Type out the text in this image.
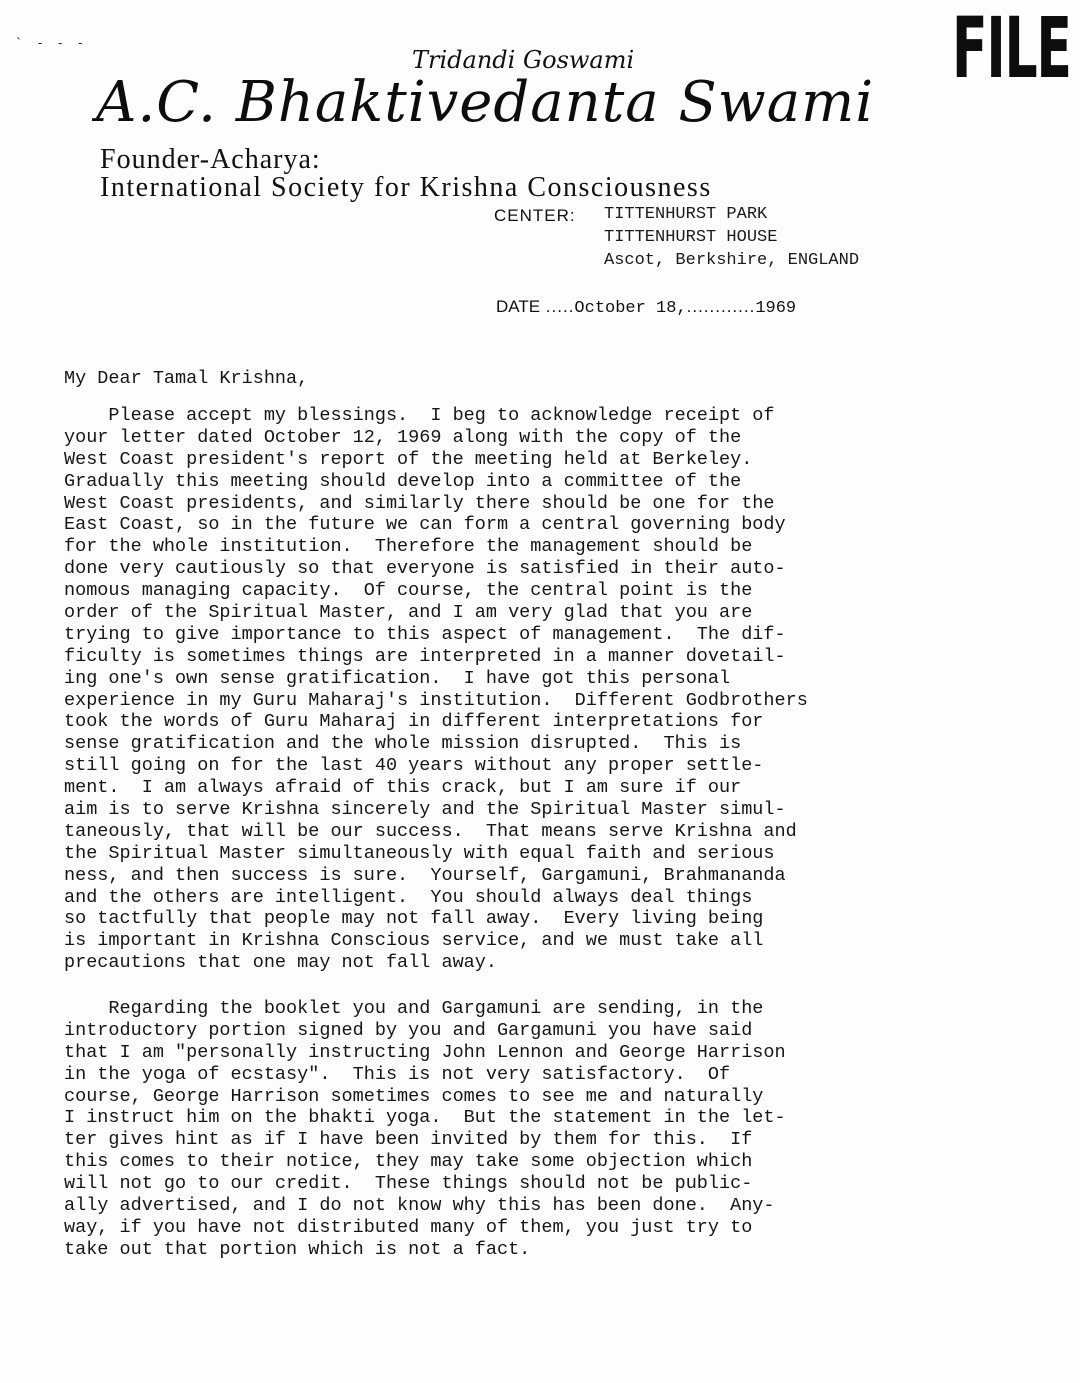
` - - -	FILE
Tridandi Goswami
A.C. Bhaktivedanta Swami
Founder-Acharya:
International Society for Krishna Consciousness
CENTER: TITTENHURST PARK
TITTENHURST HOUSE
Ascot, Berkshire, ENGLAND
DATE .....October 18,............1969
My Dear Tamal Krishna,
Please accept my blessings.  I beg to acknowledge receipt of
your letter dated October 12, 1969 along with the copy of the
West Coast president's report of the meeting held at Berkeley.
Gradually this meeting should develop into a committee of the
West Coast presidents, and similarly there should be one for the
East Coast, so in the future we can form a central governing body
for the whole institution.  Therefore the management should be
done very cautiously so that everyone is satisfied in their auto-
nomous managing capacity.  Of course, the central point is the
order of the Spiritual Master, and I am very glad that you are
trying to give importance to this aspect of management.  The dif-
ficulty is sometimes things are interpreted in a manner dovetail-
ing one's own sense gratification.  I have got this personal
experience in my Guru Maharaj's institution.  Different Godbrothers
took the words of Guru Maharaj in different interpretations for
sense gratification and the whole mission disrupted.  This is
still going on for the last 40 years without any proper settle-
ment.  I am always afraid of this crack, but I am sure if our
aim is to serve Krishna sincerely and the Spiritual Master simul-
taneously, that will be our success.  That means serve Krishna and
the Spiritual Master simultaneously with equal faith and serious
ness, and then success is sure.  Yourself, Gargamuni, Brahmananda
and the others are intelligent.  You should always deal things
so tactfully that people may not fall away.  Every living being
is important in Krishna Conscious service, and we must take all
precautions that one may not fall away.
Regarding the booklet you and Gargamuni are sending, in the
introductory portion signed by you and Gargamuni you have said
that I am "personally instructing John Lennon and George Harrison
in the yoga of ecstasy".  This is not very satisfactory.  Of
course, George Harrison sometimes comes to see me and naturally
I instruct him on the bhakti yoga.  But the statement in the let-
ter gives hint as if I have been invited by them for this.  If
this comes to their notice, they may take some objection which
will not go to our credit.  These things should not be public-
ally advertised, and I do not know why this has been done.  Any-
way, if you have not distributed many of them, you just try to
take out that portion which is not a fact.
